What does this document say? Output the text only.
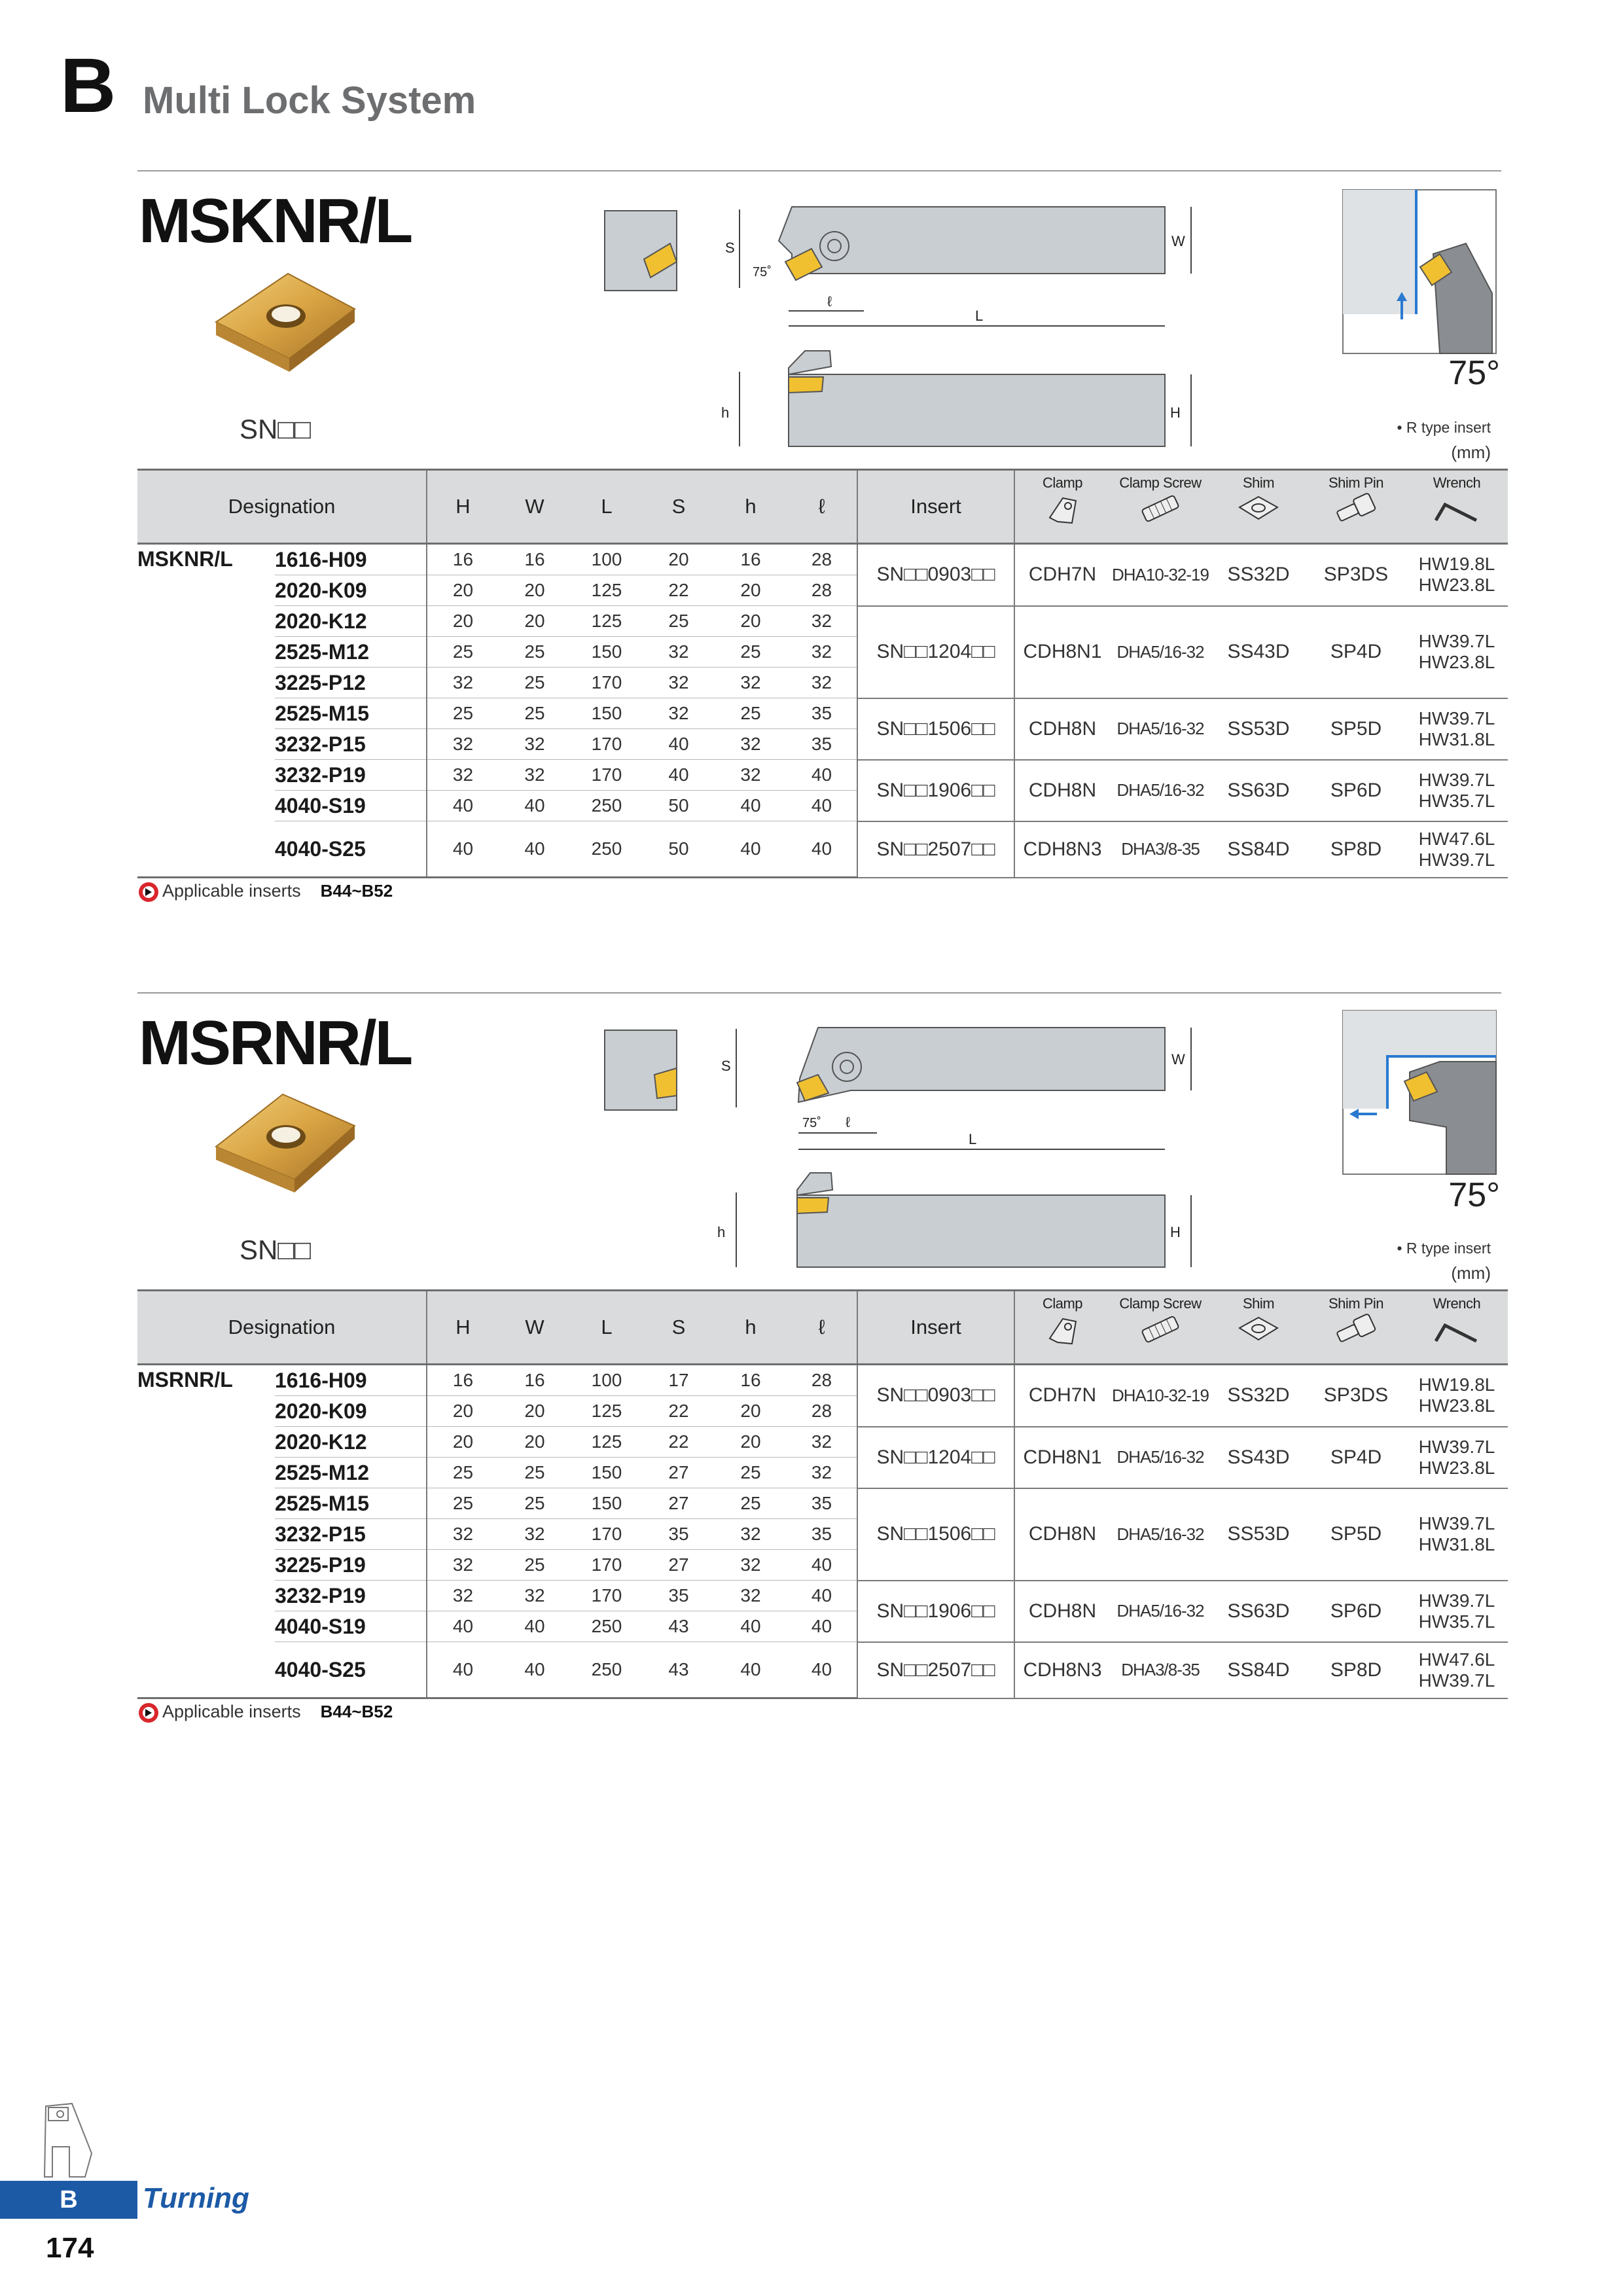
B Multi Lock System
MSKNR/L
SN□□
S	W
75˚
ℓ
L
h	H
75°
• R type insert
(mm)
Designation		H	W	L	S	h	ℓ	Insert	Clamp	Clamp Screw	Shim	Shim Pin	Wrench

MSKNR/L	1616-H09	16	16	100	20	16	28	SN□□0903□□	CDH7N	DHA10-32-19	SS32D	SP3DS	HW19.8L
HW23.8L

	2020-K09	20	20	125	22	20	28						
	2020-K12	20	20	125	25	20	32	SN□□1204□□	CDH8N1	DHA5/16-32	SS43D	SP4D	HW39.7L
HW23.8L

	2525-M12	25	25	150	32	25	32						
	3225-P12	32	25	170	32	32	32						
	2525-M15	25	25	150	32	25	35	SN□□1506□□	CDH8N	DHA5/16-32	SS53D	SP5D	HW39.7L
HW31.8L

	3232-P15	32	32	170	40	32	35						
	3232-P19	32	32	170	40	32	40	SN□□1906□□	CDH8N	DHA5/16-32	SS63D	SP6D	HW39.7L
HW35.7L

	4040-S19	40	40	250	50	40	40						
	4040-S25	40	40	250	50	40	40	SN□□2507□□	CDH8N3	DHA3/8-35	SS84D	SP8D	HW47.6L
HW39.7L
Applicable inserts B44~B52
MSRNR/L
SN□□
S	W
75˚ ℓ
L
h	H
75°
• R type insert
(mm)
Designation		H	W	L	S	h	ℓ	Insert	Clamp	Clamp Screw	Shim	Shim Pin	Wrench

MSRNR/L	1616-H09	16	16	100	17	16	28	SN□□0903□□	CDH7N	DHA10-32-19	SS32D	SP3DS	HW19.8L
HW23.8L

	2020-K09	20	20	125	22	20	28						
	2020-K12	20	20	125	22	20	32	SN□□1204□□	CDH8N1	DHA5/16-32	SS43D	SP4D	HW39.7L
HW23.8L

	2525-M12	25	25	150	27	25	32						
	2525-M15	25	25	150	27	25	35	SN□□1506□□	CDH8N	DHA5/16-32	SS53D	SP5D	HW39.7L
HW31.8L

	3232-P15	32	32	170	35	32	35						
	3225-P19	32	25	170	27	32	40						
	3232-P19	32	32	170	35	32	40	SN□□1906□□	CDH8N	DHA5/16-32	SS63D	SP6D	HW39.7L
HW35.7L

	4040-S19	40	40	250	43	40	40						
	4040-S25	40	40	250	43	40	40	SN□□2507□□	CDH8N3	DHA3/8-35	SS84D	SP8D	HW47.6L
HW39.7L
Applicable inserts B44~B52
B	Turning
174
